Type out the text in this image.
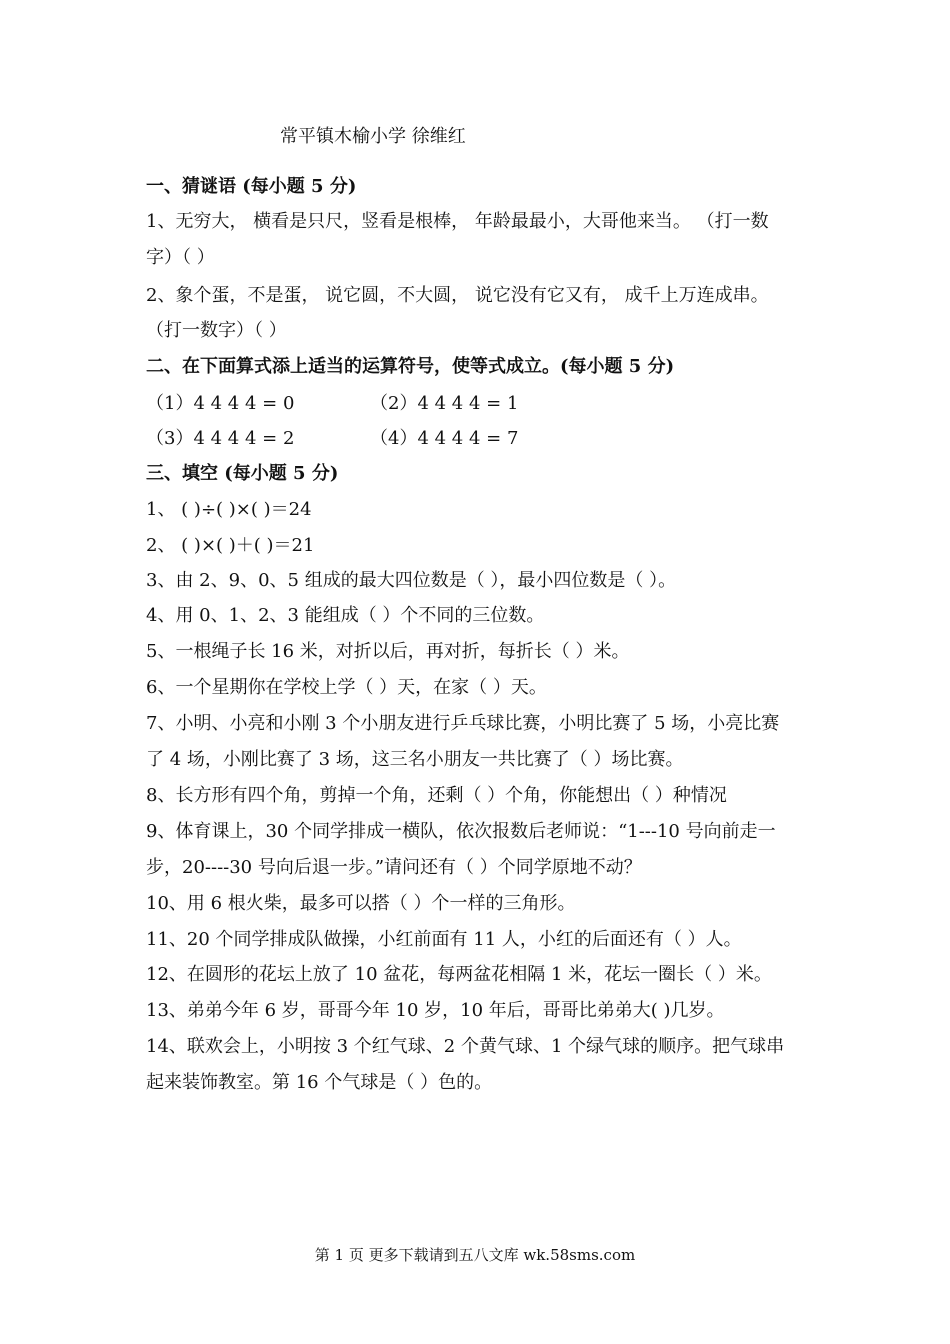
常平镇木榆小学 徐维红
一、猜谜语 (每小题 5 分)
1、无穷大， 横看是只尺，竖看是根棒， 年龄最最小，大哥他来当。 （打一数
字）（ ）
2、象个蛋，不是蛋， 说它圆，不大圆， 说它没有它又有， 成千上万连成串。
（打一数字）（ ）
二、在下面算式添上适当的运算符号，使等式成立。(每小题 5 分)
（1）4 4 4 4 = 0	（2）4 4 4 4 = 1
（3）4 4 4 4 = 2	（4）4 4 4 4 = 7
三、填空 (每小题 5 分)
1、 ( )÷( )×( )＝24
2、 ( )×( )＋( )＝21
3、由 2、9、0、5 组成的最大四位数是（ ），最小四位数是（ ）。
4、用 0、1、2、3 能组成（ ）个不同的三位数。
5、一根绳子长 16 米，对折以后，再对折，每折长（ ）米。
6、一个星期你在学校上学（ ）天，在家（ ）天。
7、小明、小亮和小刚 3 个小朋友进行乒乓球比赛，小明比赛了 5 场，小亮比赛
了 4 场，小刚比赛了 3 场，这三名小朋友一共比赛了（ ）场比赛。
8、长方形有四个角，剪掉一个角，还剩（ ）个角，你能想出（ ）种情况
9、体育课上，30 个同学排成一横队，依次报数后老师说：“1---10 号向前走一
步，20----30 号向后退一步。”请问还有（ ）个同学原地不动？
10、用 6 根火柴，最多可以搭（ ）个一样的三角形。
11、20 个同学排成队做操，小红前面有 11 人，小红的后面还有（ ）人。
12、在圆形的花坛上放了 10 盆花，每两盆花相隔 1 米，花坛一圈长（ ）米。
13、弟弟今年 6 岁，哥哥今年 10 岁，10 年后，哥哥比弟弟大( )几岁。
14、联欢会上，小明按 3 个红气球、2 个黄气球、1 个绿气球的顺序。把气球串
起来装饰教室。第 16 个气球是（ ）色的。
第 1 页 更多下载请到五八文库 wk.58sms.com
